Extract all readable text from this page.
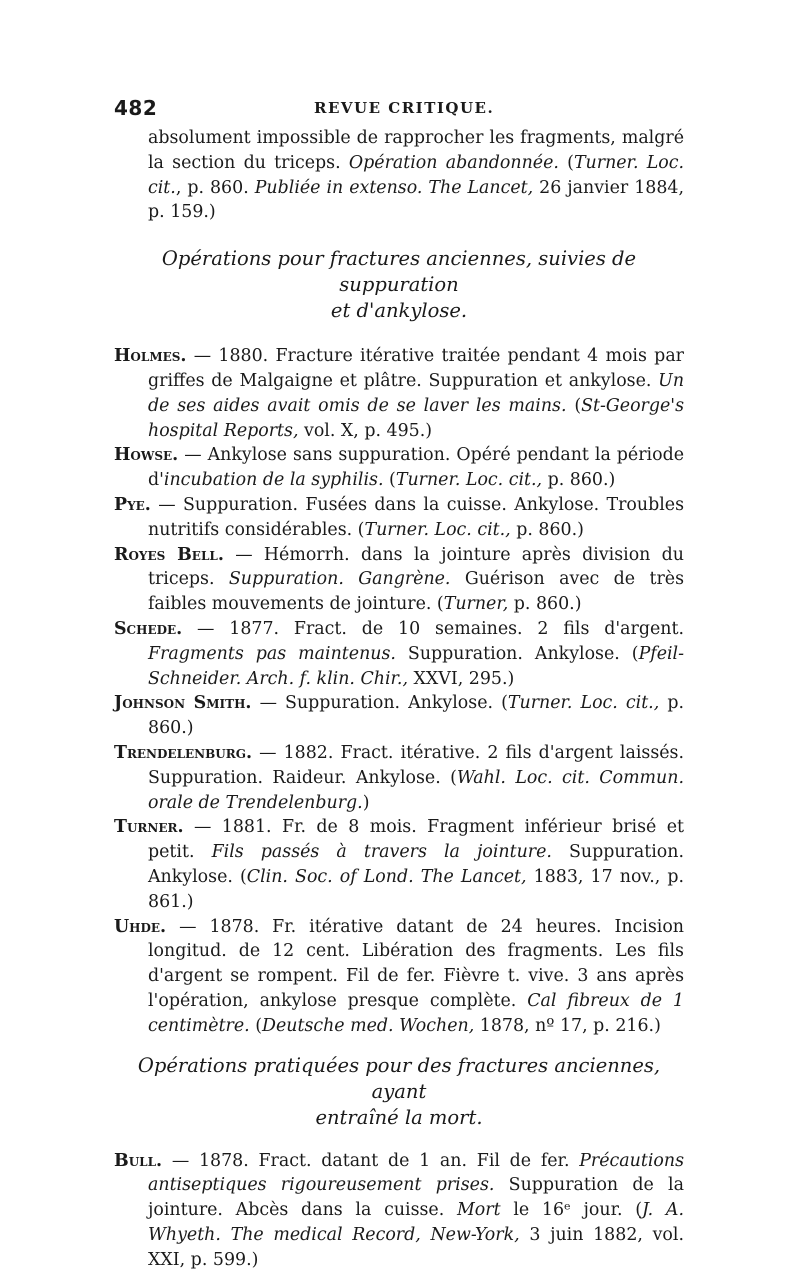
482	REVUE CRITIQUE.

absolument impossible de rapprocher les fragments, malgré la section du triceps. Opération abandonnée. (Turner. Loc. cit., p. 860. Publiée in extenso. The Lancet, 26 janvier 1884, p. 159.)

Opérations pour fractures anciennes, suivies de suppuration
et d'ankylose.

Holmes. — 1880. Fracture itérative traitée pendant 4 mois par griffes de Malgaigne et plâtre. Suppuration et ankylose. Un de ses aides avait omis de se laver les mains. (St-George's hospital Reports, vol. X, p. 495.)

Howse. — Ankylose sans suppuration. Opéré pendant la période d'incubation de la syphilis. (Turner. Loc. cit., p. 860.)

Pye. — Suppuration. Fusées dans la cuisse. Ankylose. Troubles nutritifs considérables. (Turner. Loc. cit., p. 860.)

Royes Bell. — Hémorrh. dans la jointure après division du triceps. Suppuration. Gangrène. Guérison avec de très faibles mouvements de jointure. (Turner, p. 860.)

Schede. — 1877. Fract. de 10 semaines. 2 fils d'argent. Fragments pas maintenus. Suppuration. Ankylose. (Pfeil-Schneider. Arch. f. klin. Chir., XXVI, 295.)

Johnson Smith. — Suppuration. Ankylose. (Turner. Loc. cit., p. 860.)

Trendelenburg. — 1882. Fract. itérative. 2 fils d'argent laissés. Suppuration. Raideur. Ankylose. (Wahl. Loc. cit. Commun. orale de Trendelenburg.)

Turner. — 1881. Fr. de 8 mois. Fragment inférieur brisé et petit. Fils passés à travers la jointure. Suppuration. Ankylose. (Clin. Soc. of Lond. The Lancet, 1883, 17 nov., p. 861.)

Uhde. — 1878. Fr. itérative datant de 24 heures. Incision longitud. de 12 cent. Libération des fragments. Les fils d'argent se rompent. Fil de fer. Fièvre t. vive. 3 ans après l'opération, ankylose presque complète. Cal fibreux de 1 centimètre. (Deutsche med. Wochen, 1878, nº 17, p. 216.)

Opérations pratiquées pour des fractures anciennes, ayant
entraîné la mort.

Bull. — 1878. Fract. datant de 1 an. Fil de fer. Précautions antiseptiques rigoureusement prises. Suppuration de la jointure. Abcès dans la cuisse. Mort le 16ᵉ jour. (J. A. Whyeth. The medical Record, New-York, 3 juin 1882, vol. XXI, p. 599.)
